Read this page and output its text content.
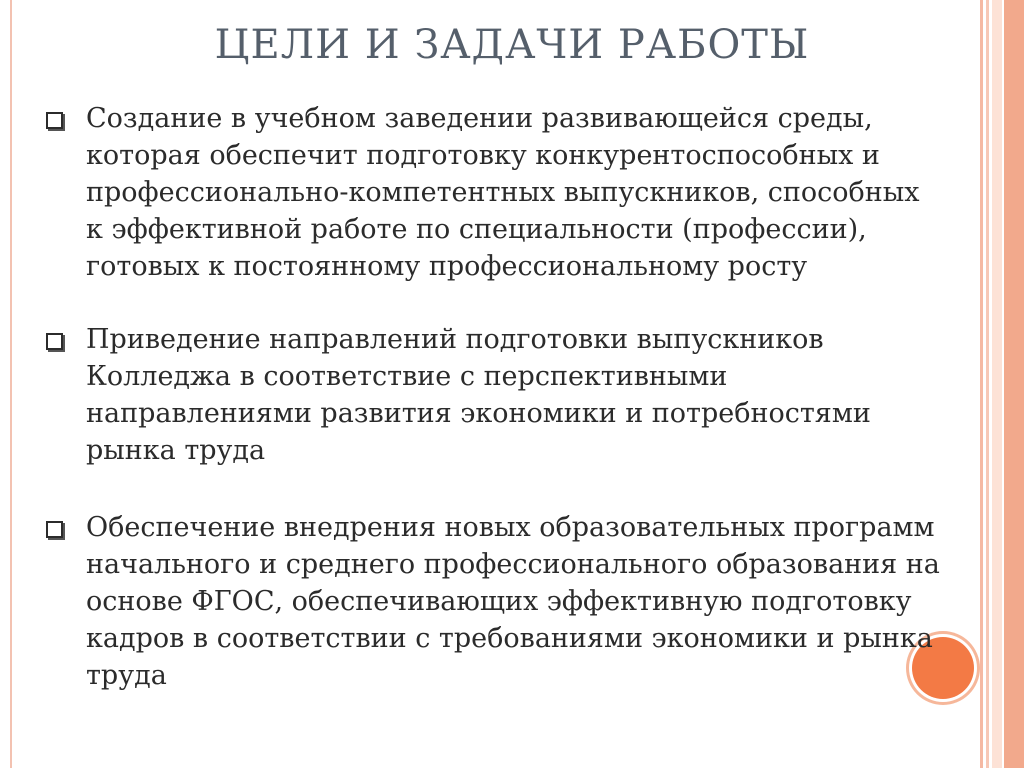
ЦЕЛИ И ЗАДАЧИ РАБОТЫ
Создание в учебном заведении развивающейся среды, которая обеспечит подготовку конкурентоспособных и профессионально-компетентных выпускников, способных к эффективной работе по специальности (профессии), готовых к постоянному профессиональному росту
Приведение направлений подготовки выпускников Колледжа в соответствие с перспективными направлениями развития экономики и потребностями рынка труда
Обеспечение внедрения новых образовательных программ начального и среднего профессионального образования на основе ФГОС, обеспечивающих эффективную подготовку кадров в соответствии с требованиями экономики и рынка труда
